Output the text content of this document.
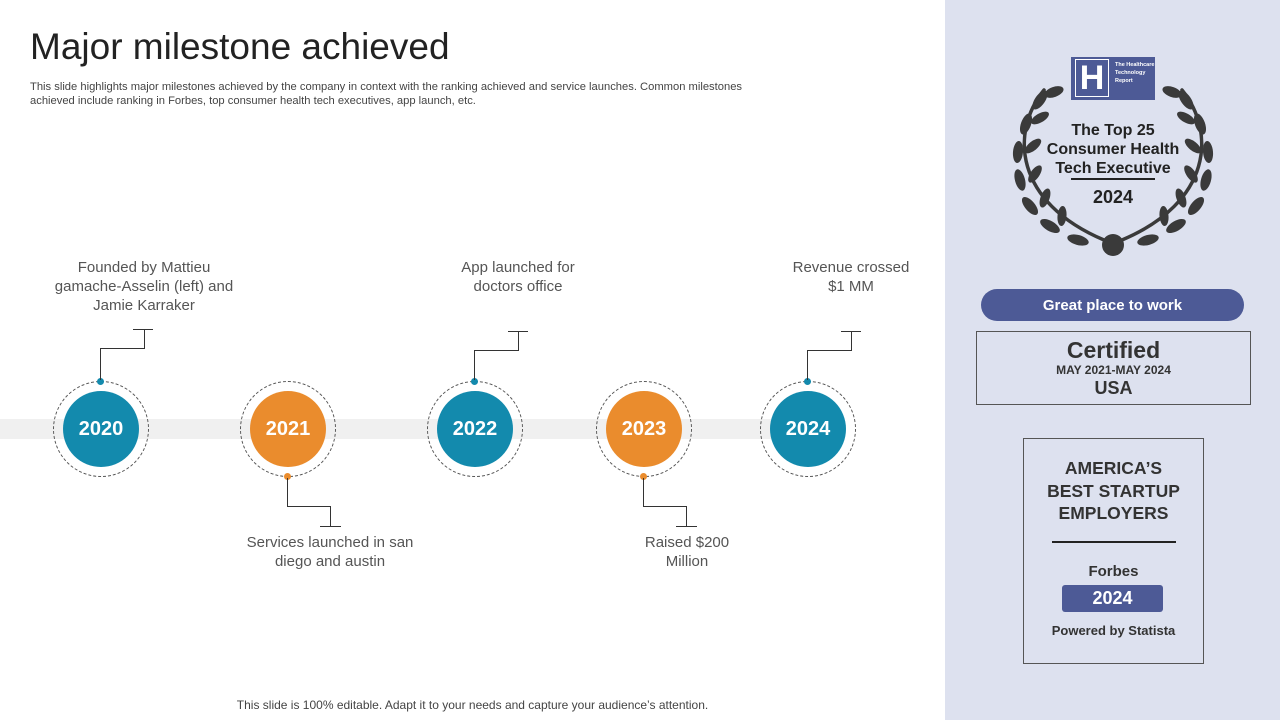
Major milestone achieved

This slide highlights major milestones achieved by the company in context with the ranking achieved and service launches. Common milestones achieved include ranking in Forbes, top consumer health tech executives, app launch, etc.

2020
Founded by Mattieu gamache-Asselin (left) and Jamie Karraker
2021
Services launched in san diego and austin
2022
App launched for doctors office
2023
Raised $200 Million
2024
Revenue crossed $1 MM
This slide is 100% editable. Adapt it to your needs and capture your audience’s attention.
H	The Healthcare Technology Report
The Top 25
Consumer Health
Tech Executive
2024
Great place to work
Certified
MAY 2021-MAY 2024
USA
AMERICA’S
BEST STARTUP
EMPLOYERS
Forbes
2024
Powered by Statista
